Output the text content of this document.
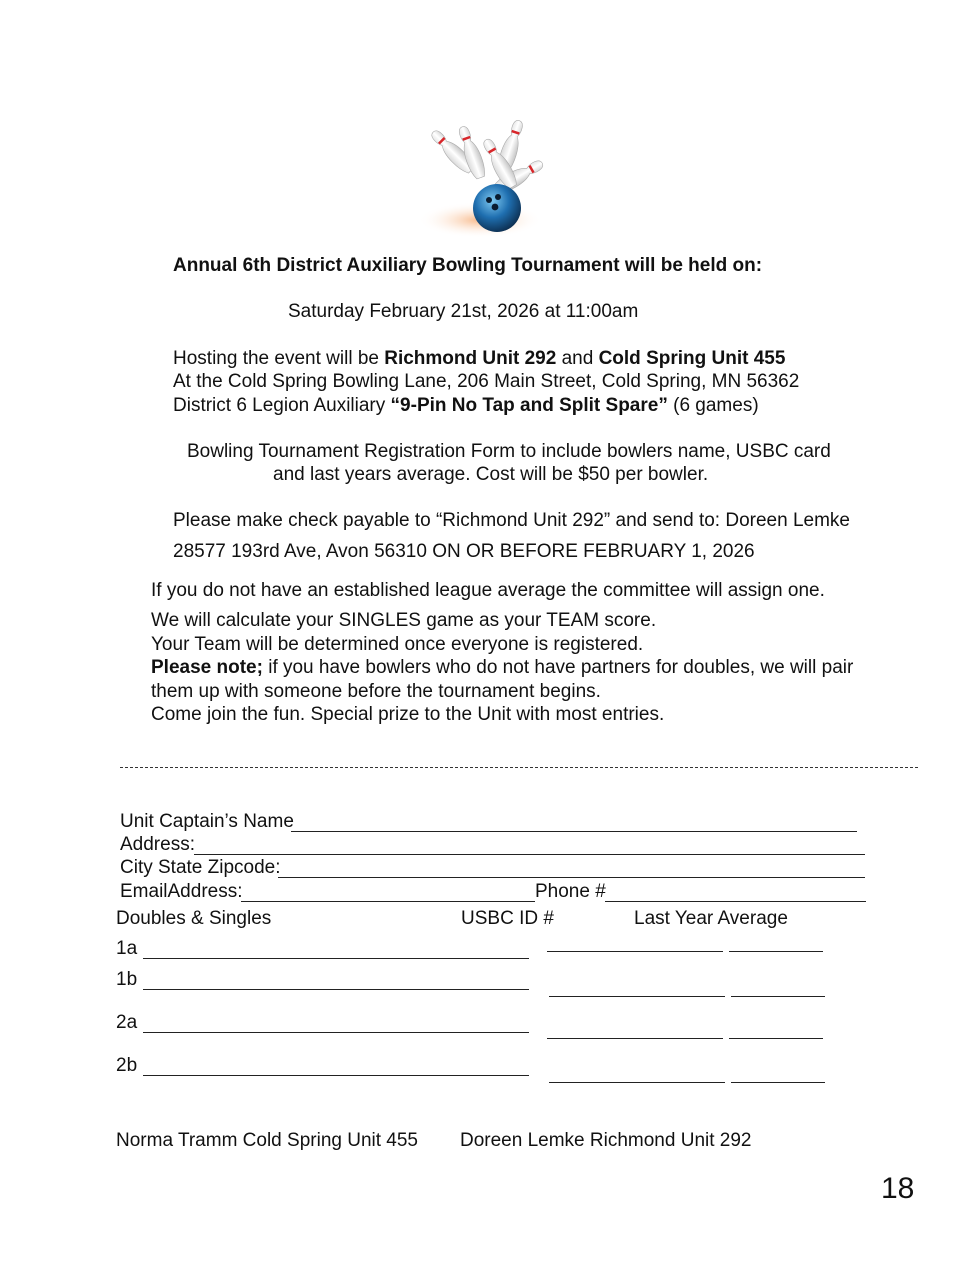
Annual 6th District Auxiliary Bowling Tournament will be held on:
Saturday February 21st, 2026 at 11:00am
Hosting the event will be Richmond Unit 292 and Cold Spring Unit 455
At the Cold Spring Bowling Lane, 206 Main Street, Cold Spring, MN 56362
District 6 Legion Auxiliary “9-Pin No Tap and Split Spare” (6 games)
Bowling Tournament Registration Form to include bowlers name, USBC card
and last years average. Cost will be $50 per bowler.
Please make check payable to “Richmond Unit 292” and send to: Doreen Lemke
28577 193rd Ave, Avon 56310 ON OR BEFORE FEBRUARY 1, 2026
If you do not have an established league average the committee will assign one.
We will calculate your SINGLES game as your TEAM score.
Your Team will be determined once everyone is registered.
Please note; if you have bowlers who do not have partners for doubles, we will pair
them up with someone before the tournament begins.
Come join the fun. Special prize to the Unit with most entries.
Unit Captain’s Name
Address:
City State Zipcode:
EmailAddress:	Phone #
Doubles & Singles	USBC ID #	Last Year Average
1a
1b
2a
2b
Norma Tramm Cold Spring Unit 455 Doreen Lemke Richmond Unit 292
18
